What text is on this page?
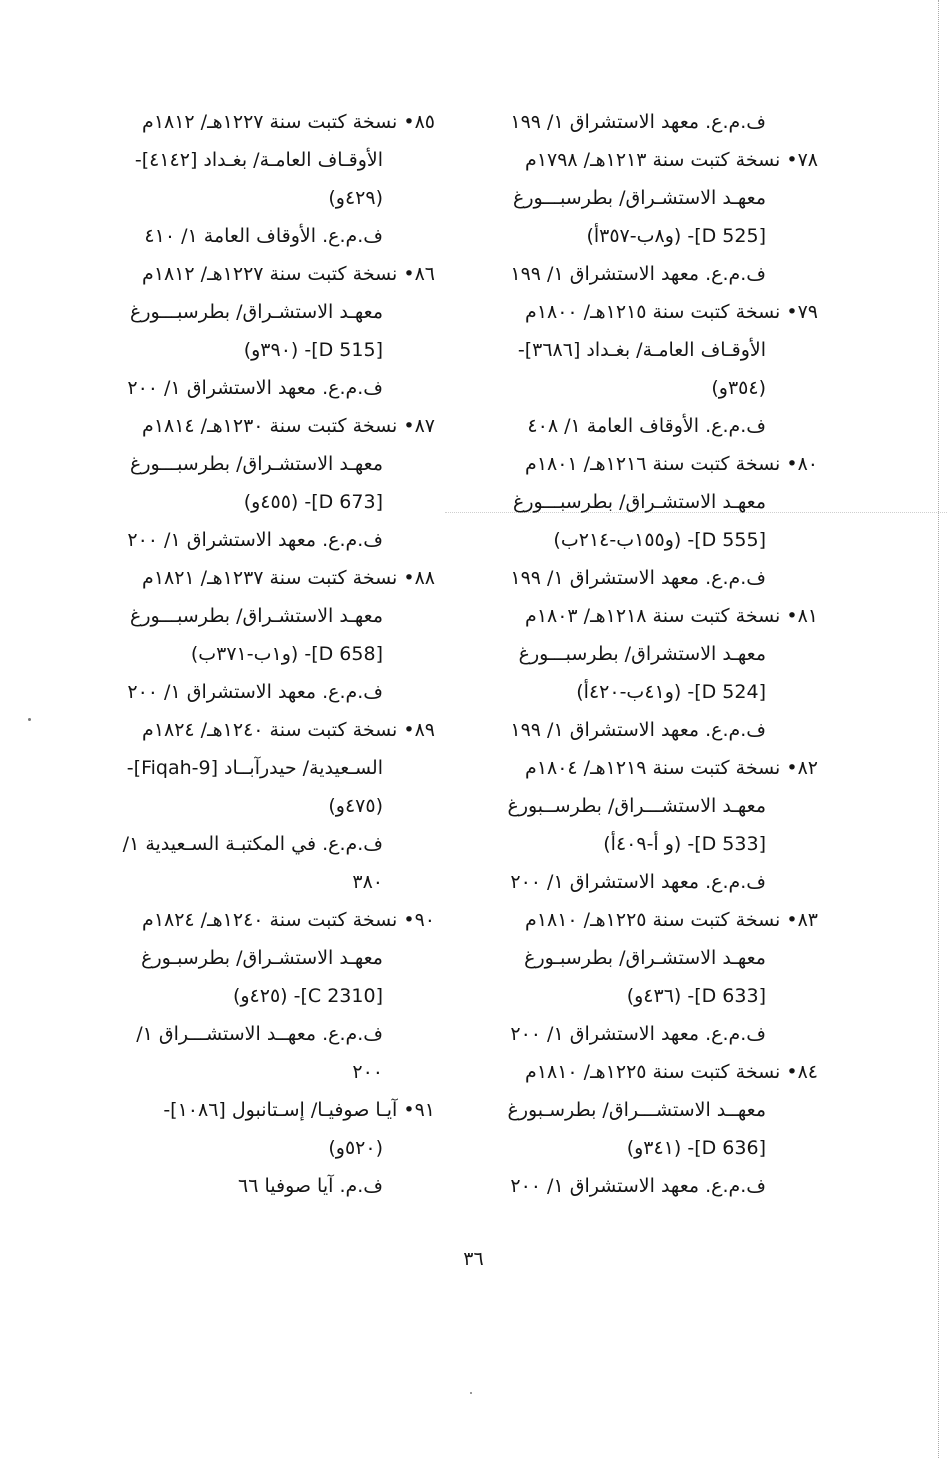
ف.م.ع. معهد الاستشراق ١/ ١٩٩
٧٨• نسخة كتبت سنة ١٢١٣هـ/ ١٧٩٨م
معهـد الاستشـراق/ بطرسبـــورغ
[D 525]- (و٨ب-٣٥٧أ)
ف.م.ع. معهد الاستشراق ١/ ١٩٩
٧٩• نسخة كتبت سنة ١٢١٥هـ/ ١٨٠٠م
الأوقـاف العامـة/ بغـداد [٣٦٨٦]-
(٣٥٤و)
ف.م.ع. الأوقاف العامة ١/ ٤٠٨
٨٠• نسخة كتبت سنة ١٢١٦هـ/ ١٨٠١م
معهـد الاستشـراق/ بطرسبـــورغ
[D 555]- (و١٥٥ب-٢١٤ب)
ف.م.ع. معهد الاستشراق ١/ ١٩٩
٨١• نسخة كتبت سنة ١٢١٨هـ/ ١٨٠٣م
معهـد الاستشراق/ بطرسبـــورغ
[D 524]- (و٤١ب-٤٢٠أ)
ف.م.ع. معهد الاستشراق ١/ ١٩٩
٨٢• نسخة كتبت سنة ١٢١٩هـ/ ١٨٠٤م
معهـد الاستشـــراق/ بطرســبورغ
[D 533]- (و أ-٤٠٩أ)
ف.م.ع. معهد الاستشراق ١/ ٢٠٠
٨٣• نسخة كتبت سنة ١٢٢٥هـ/ ١٨١٠م
معهـد الاستشـراق/ بطرسبـورغ
[D 633]- (٤٣٦و)
ف.م.ع. معهد الاستشراق ١/ ٢٠٠
٨٤• نسخة كتبت سنة ١٢٢٥هـ/ ١٨١٠م
معهــد الاستشـــراق/ بطرسـبورغ
[D 636]- (٣٤١و)
ف.م.ع. معهد الاستشراق ١/ ٢٠٠
٨٥• نسخة كتبت سنة ١٢٢٧هـ/ ١٨١٢م
الأوقـاف العامـة/ بغـداد [٤١٤٢]-
(٤٢٩و)
ف.م.ع. الأوقاف العامة ١/ ٤١٠
٨٦• نسخة كتبت سنة ١٢٢٧هـ/ ١٨١٢م
معهـد الاستشـراق/ بطرسبـــورغ
[D 515]- (٣٩٠و)
ف.م.ع. معهد الاستشراق ١/ ٢٠٠
٨٧• نسخة كتبت سنة ١٢٣٠هـ/ ١٨١٤م
معهـد الاستشـراق/ بطرسبـــورغ
[D 673]- (٤٥٥و)
ف.م.ع. معهد الاستشراق ١/ ٢٠٠
٨٨• نسخة كتبت سنة ١٢٣٧هـ/ ١٨٢١م
معهـد الاستشـراق/ بطرسبـــورغ
[D 658]- (و١ب-٣٧١ب)
ف.م.ع. معهد الاستشراق ١/ ٢٠٠
٨٩• نسخة كتبت سنة ١٢٤٠هـ/ ١٨٢٤م
السـعيدية/ حيدرآبــاد [Fiqah-9]-
(٤٧٥و)
ف.م.ع. في المكتبـة السـعيدية ١/
٣٨٠
٩٠• نسخة كتبت سنة ١٢٤٠هـ/ ١٨٢٤م
معهـد الاستشـراق/ بطرسبـورغ
[C 2310]- (٤٢٥و)
ف.م.ع. معهــد الاستشـــراق ١/
٢٠٠
٩١• آيـا صوفيـا/ إسـتانبول [١٠٨٦]-
(٥٢٠و)
ف.م. آيا صوفيا ٦٦
٣٦
